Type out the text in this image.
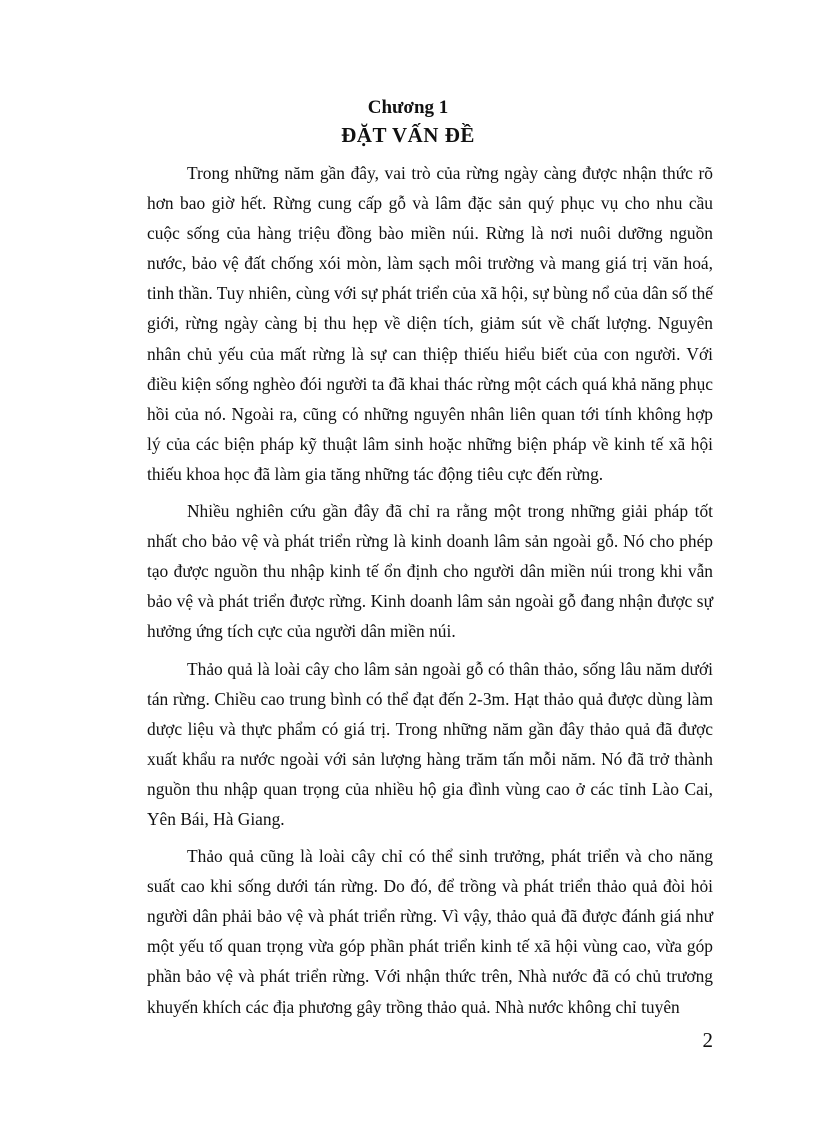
Chương 1
ĐẶT VẤN ĐỀ

Trong những năm gần đây, vai trò của rừng ngày càng được nhận thức rõ hơn bao giờ hết. Rừng cung cấp gỗ và lâm đặc sản quý phục vụ cho nhu cầu cuộc sống của hàng triệu đồng bào miền núi. Rừng là nơi nuôi dưỡng nguồn nước, bảo vệ đất chống xói mòn, làm sạch môi trường và mang giá trị văn hoá, tinh thần. Tuy nhiên, cùng với sự phát triển của xã hội, sự bùng nổ của dân số thế giới, rừng ngày càng bị thu hẹp về diện tích, giảm sút về chất lượng. Nguyên nhân chủ yếu của mất rừng là sự can thiệp thiếu hiểu biết của con người. Với điều kiện sống nghèo đói người ta đã khai thác rừng một cách quá khả năng phục hồi của nó. Ngoài ra, cũng có những nguyên nhân liên quan tới tính không hợp lý của các biện pháp kỹ thuật lâm sinh hoặc những biện pháp về kinh tế xã hội thiếu khoa học đã làm gia tăng những tác động tiêu cực đến rừng.

Nhiều nghiên cứu gần đây đã chỉ ra rằng một trong những giải pháp tốt nhất cho bảo vệ và phát triển rừng là kinh doanh lâm sản ngoài gỗ. Nó cho phép tạo được nguồn thu nhập kinh tế ổn định cho người dân miền núi trong khi vẫn bảo vệ và phát triển được rừng. Kinh doanh lâm sản ngoài gỗ đang nhận được sự hưởng ứng tích cực của người dân miền núi.

Thảo quả là loài cây cho lâm sản ngoài gỗ có thân thảo, sống lâu năm dưới tán rừng. Chiều cao trung bình có thể đạt đến 2-3m. Hạt thảo quả được dùng làm dược liệu và thực phẩm có giá trị. Trong những năm gần đây thảo quả đã được xuất khẩu ra nước ngoài với sản lượng hàng trăm tấn mỗi năm. Nó đã trở thành nguồn thu nhập quan trọng của nhiều hộ gia đình vùng cao ở các tỉnh Lào Cai, Yên Bái, Hà Giang.

Thảo quả cũng là loài cây chỉ có thể sinh trưởng, phát triển và cho năng suất cao khi sống dưới tán rừng. Do đó, để trồng và phát triển thảo quả đòi hỏi người dân phải bảo vệ và phát triển rừng. Vì vậy, thảo quả đã được đánh giá như một yếu tố quan trọng vừa góp phần phát triển kinh tế xã hội vùng cao, vừa góp phần bảo vệ và phát triển rừng. Với nhận thức trên, Nhà nước đã có chủ trương khuyến khích các địa phương gây trồng thảo quả. Nhà nước không chỉ tuyên

2
